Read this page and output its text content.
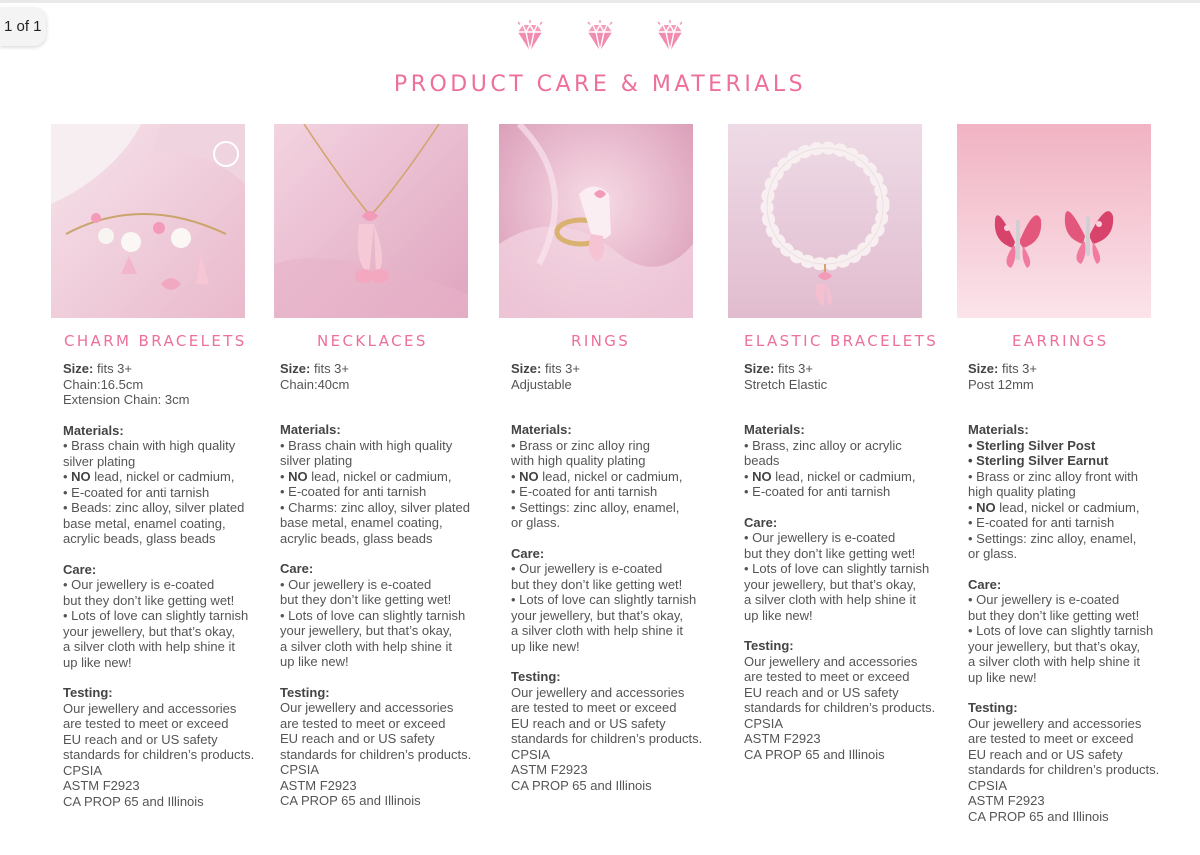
1 of 1

PRODUCT CARE & MATERIALS
CHARM BRACELETS
Size: fits 3+
Chain:16.5cm
Extension Chain: 3cm
Materials:
• Brass chain with high quality
silver plating
• NO lead, nickel or cadmium,
• E-coated for anti tarnish
• Beads: zinc alloy, silver plated
base metal, enamel coating,
acrylic beads, glass beads
Care:
• Our jewellery is e-coated
but they don’t like getting wet!
• Lots of love can slightly tarnish
your jewellery, but that’s okay,
a silver cloth with help shine it
up like new!
Testing:
Our jewellery and accessories
are tested to meet or exceed
EU reach and or US safety
standards for children’s products.
CPSIA
ASTM F2923
CA PROP 65 and Illinois
NECKLACES
Size: fits 3+
Chain:40cm
Materials:
• Brass chain with high quality
silver plating
• NO lead, nickel or cadmium,
• E-coated for anti tarnish
• Charms: zinc alloy, silver plated
base metal, enamel coating,
acrylic beads, glass beads
Care:
• Our jewellery is e-coated
but they don’t like getting wet!
• Lots of love can slightly tarnish
your jewellery, but that’s okay,
a silver cloth with help shine it
up like new!
Testing:
Our jewellery and accessories
are tested to meet or exceed
EU reach and or US safety
standards for children’s products.
CPSIA
ASTM F2923
CA PROP 65 and Illinois
RINGS
Size: fits 3+
Adjustable
Materials:
• Brass or zinc alloy ring
with high quality plating
• NO lead, nickel or cadmium,
• E-coated for anti tarnish
• Settings: zinc alloy, enamel,
or glass.
Care:
• Our jewellery is e-coated
but they don’t like getting wet!
• Lots of love can slightly tarnish
your jewellery, but that’s okay,
a silver cloth with help shine it
up like new!
Testing:
Our jewellery and accessories
are tested to meet or exceed
EU reach and or US safety
standards for children’s products.
CPSIA
ASTM F2923
CA PROP 65 and Illinois
ELASTIC BRACELETS
Size: fits 3+
Stretch Elastic
Materials:
• Brass, zinc alloy or acrylic
beads
• NO lead, nickel or cadmium,
• E-coated for anti tarnish
Care:
• Our jewellery is e-coated
but they don’t like getting wet!
• Lots of love can slightly tarnish
your jewellery, but that’s okay,
a silver cloth with help shine it
up like new!
Testing:
Our jewellery and accessories
are tested to meet or exceed
EU reach and or US safety
standards for children’s products.
CPSIA
ASTM F2923
CA PROP 65 and Illinois
EARRINGS
Size: fits 3+
Post 12mm
Materials:
• Sterling Silver Post
• Sterling Silver Earnut
• Brass or zinc alloy front with
high quality plating
• NO lead, nickel or cadmium,
• E-coated for anti tarnish
• Settings: zinc alloy, enamel,
or glass.
Care:
• Our jewellery is e-coated
but they don’t like getting wet!
• Lots of love can slightly tarnish
your jewellery, but that’s okay,
a silver cloth with help shine it
up like new!
Testing:
Our jewellery and accessories
are tested to meet or exceed
EU reach and or US safety
standards for children’s products.
CPSIA
ASTM F2923
CA PROP 65 and Illinois
